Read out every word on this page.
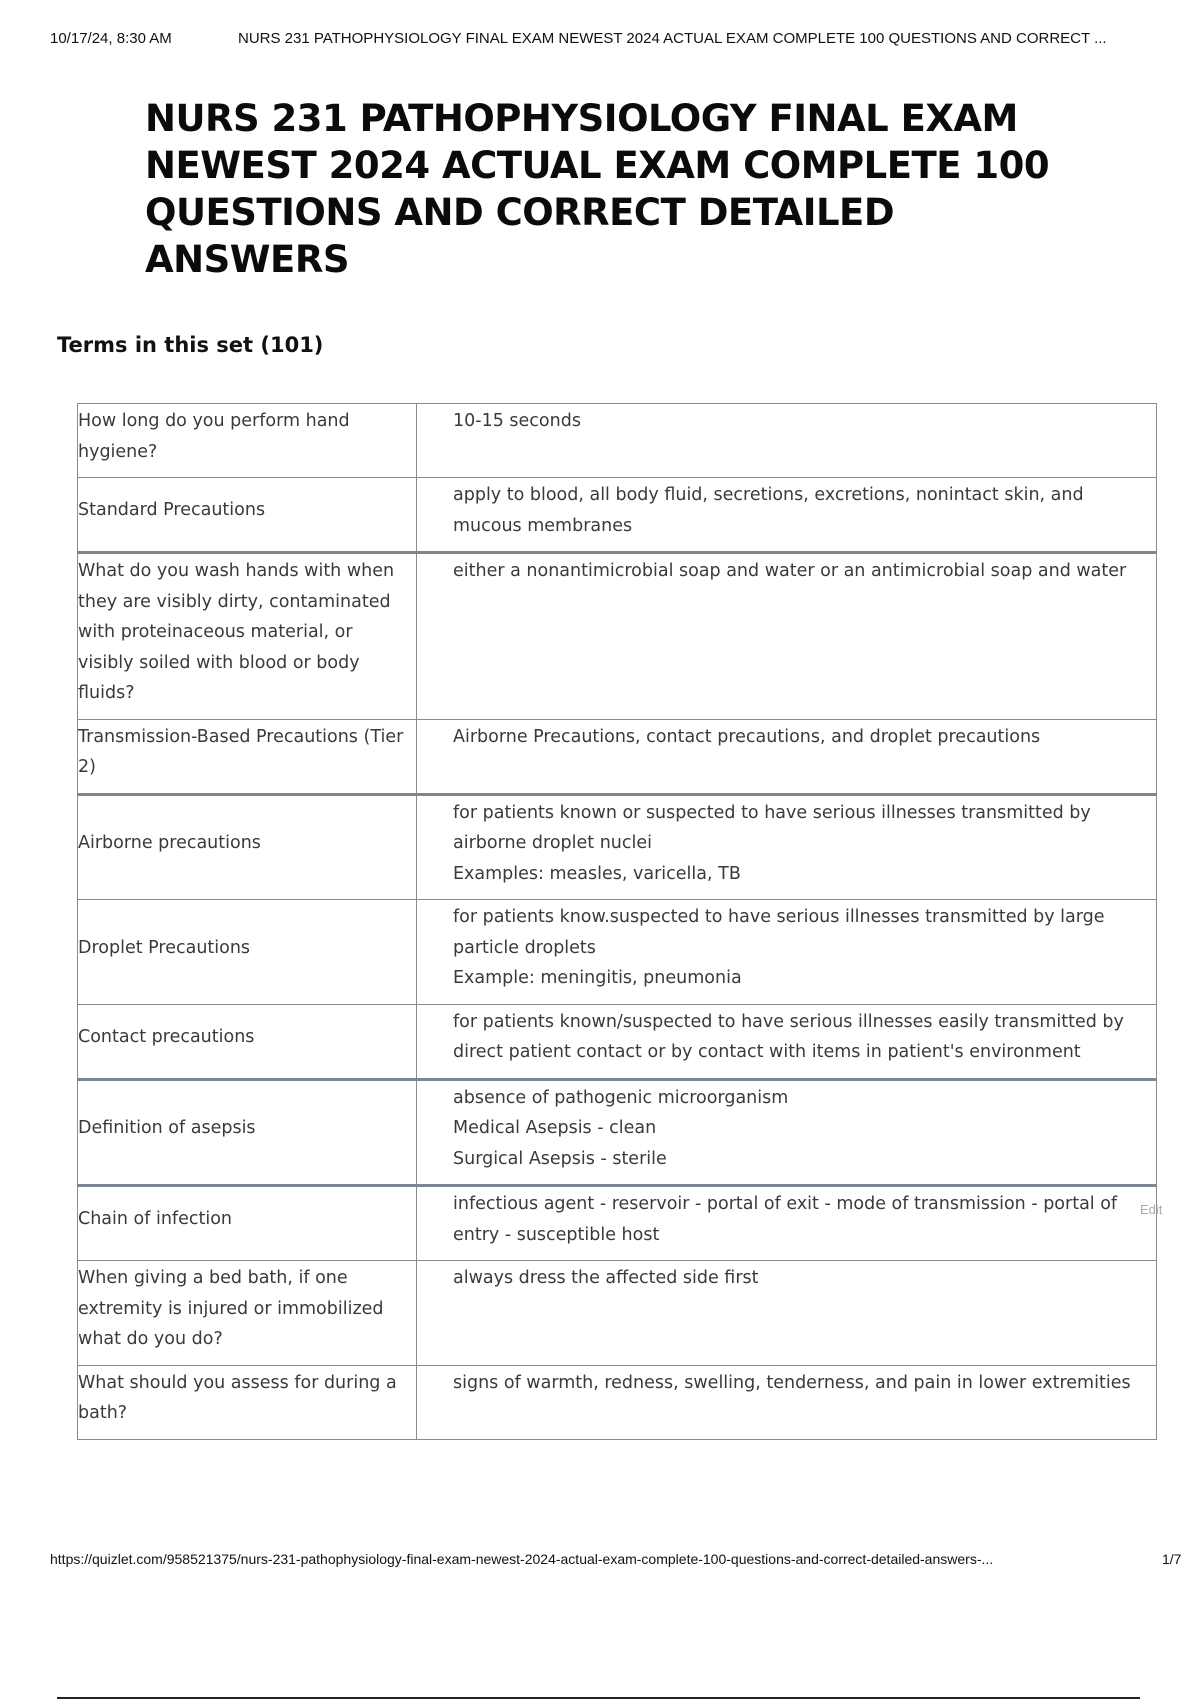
10/17/24, 8:30 AM	NURS 231 PATHOPHYSIOLOGY FINAL EXAM NEWEST 2024 ACTUAL EXAM COMPLETE 100 QUESTIONS AND CORRECT ...
NURS 231 PATHOPHYSIOLOGY FINAL EXAM NEWEST 2024 ACTUAL EXAM COMPLETE 100 QUESTIONS AND CORRECT DETAILED ANSWERS
Terms in this set (101)
How long do you perform hand hygiene?	10-15 seconds

Standard Precautions	apply to blood, all body fluid, secretions, excretions, nonintact skin, and mucous membranes

What do you wash hands with when they are visibly dirty, contaminated with proteinaceous material, or visibly soiled with blood or body fluids?	either a nonantimicrobial soap and water or an antimicrobial soap and water

Transmission-Based Precautions (Tier 2)	Airborne Precautions, contact precautions, and droplet precautions

Airborne precautions	for patients known or suspected to have serious illnesses transmitted by airborne droplet nuclei
Examples: measles, varicella, TB

Droplet Precautions	for patients know.suspected to have serious illnesses transmitted by large particle droplets
Example: meningitis, pneumonia

Contact precautions	for patients known/suspected to have serious illnesses easily transmitted by direct patient contact or by contact with items in patient's environment

Definition of asepsis	absence of pathogenic microorganism
Medical Asepsis - clean
Surgical Asepsis - sterile

Chain of infection	infectious agent - reservoir - portal of exit - mode of transmission - portal of entry - susceptible host

When giving a bed bath, if one extremity is injured or immobilized what do you do?	always dress the affected side first

What should you assess for during a bath?	signs of warmth, redness, swelling, tenderness, and pain in lower extremities
Edit
https://quizlet.com/958521375/nurs-231-pathophysiology-final-exam-newest-2024-actual-exam-complete-100-questions-and-correct-detailed-answers-...	1/7
